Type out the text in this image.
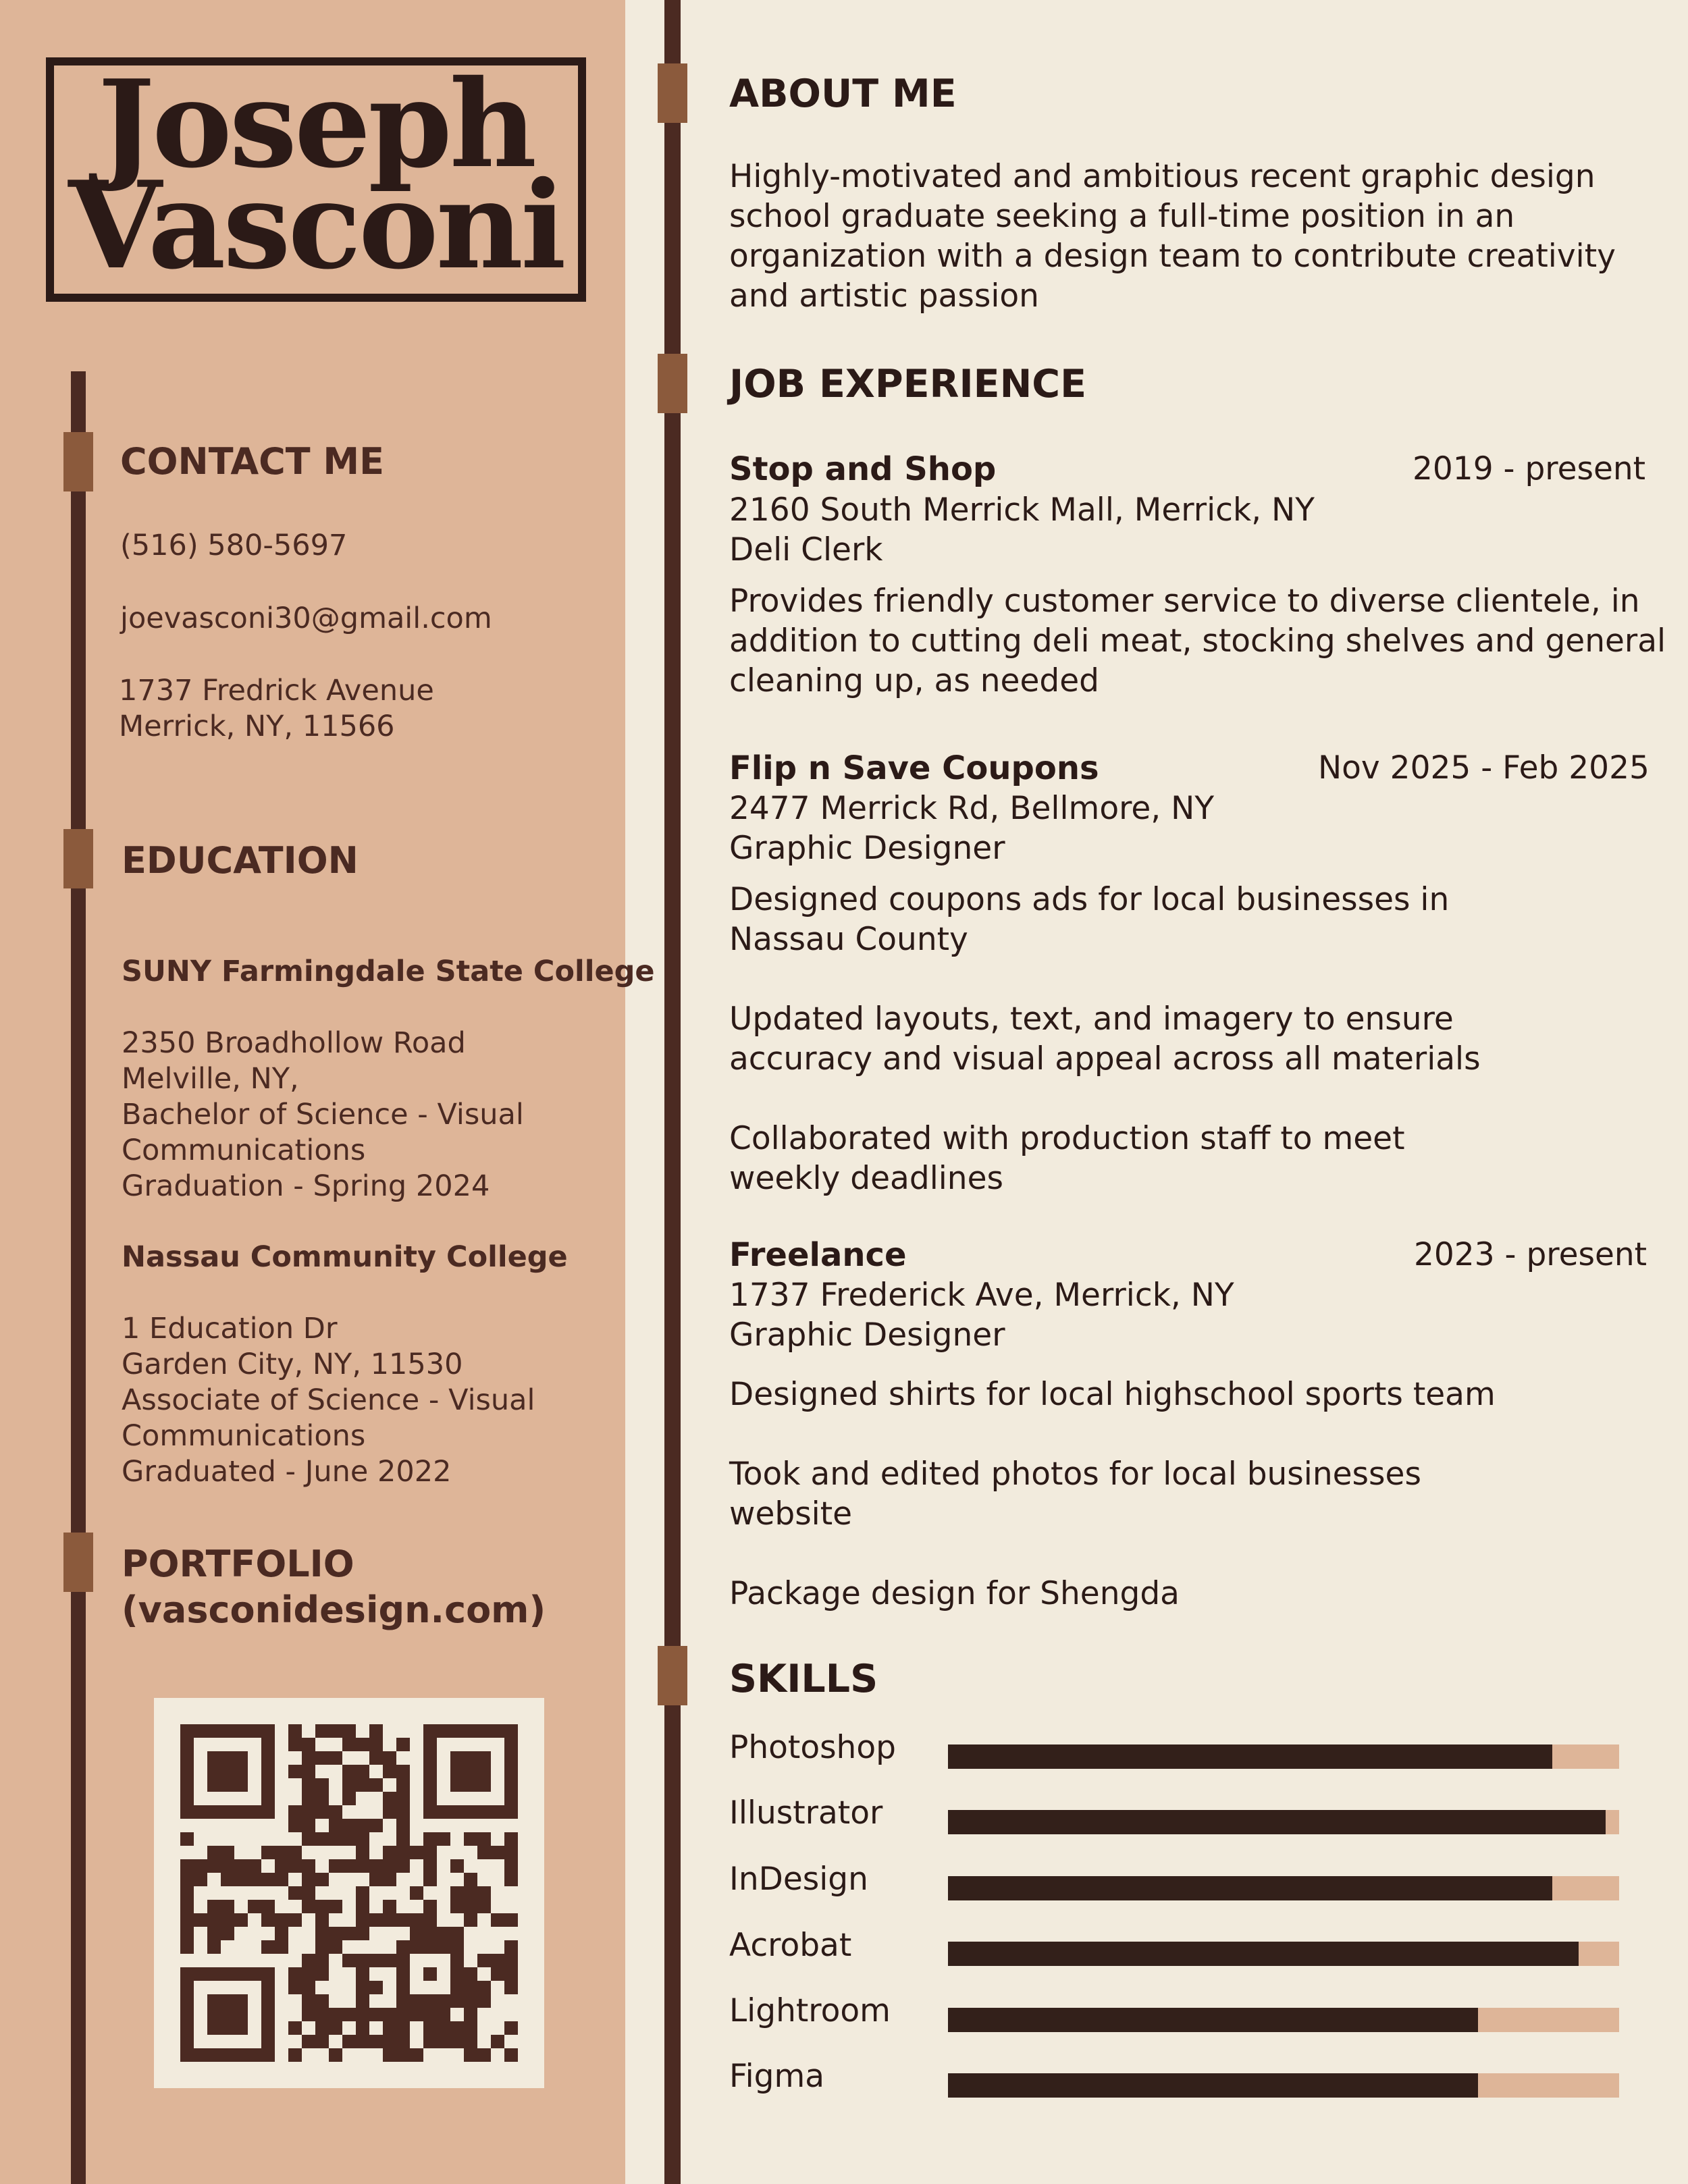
Joseph
Vasconi
CONTACT ME
(516) 580-5697
joevasconi30@gmail.com
1737 Fredrick Avenue
Merrick, NY, 11566
EDUCATION

SUNY Farmingdale State College

2350 Broadhollow Road
Melville, NY,
Bachelor of Science - Visual
Communications
Graduation - Spring 2024

Nassau Community College

1 Education Dr
Garden City, NY, 11530
Associate of Science - Visual
Communications
Graduated - June 2022

PORTFOLIO
(vasconidesign.com)
ABOUT ME
Highly-motivated and ambitious recent graphic design
school graduate seeking a full-time position in an
organization with a design team to contribute creativity
and artistic passion
JOB EXPERIENCE
Stop and Shop	2019 - present
2160 South Merrick Mall, Merrick, NY
Deli Clerk
Provides friendly customer service to diverse clientele, in
addition to cutting deli meat, stocking shelves and general
cleaning up, as needed
Flip n Save Coupons	Nov 2025 - Feb 2025
2477 Merrick Rd, Bellmore, NY
Graphic Designer
Designed coupons ads for local businesses in
Nassau County

Updated layouts, text, and imagery to ensure
accuracy and visual appeal across all materials

Collaborated with production staff to meet
weekly deadlines
Freelance	2023 - present
1737 Frederick Ave, Merrick, NY
Graphic Designer
Designed shirts for local highschool sports team

Took and edited photos for local businesses
website

Package design for Shengda
SKILLS
Photoshop
Illustrator
InDesign
Acrobat
Lightroom
Figma
